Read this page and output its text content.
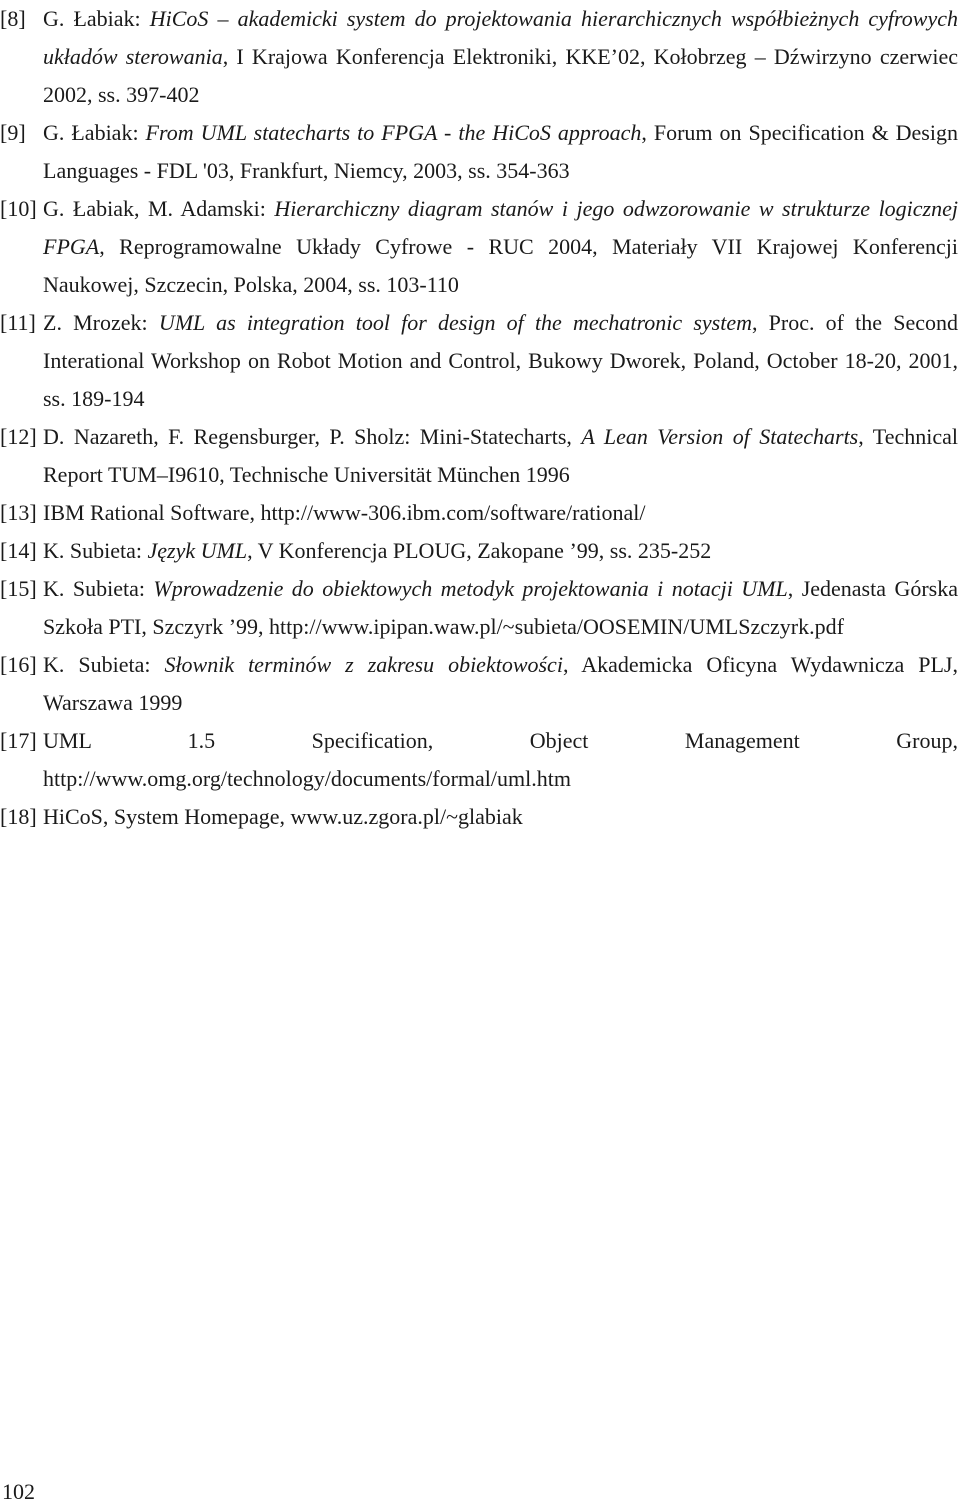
[8] G. Łabiak: HiCoS – akademicki system do projektowania hierarchicznych współbieżnych cyfrowych układów sterowania, I Krajowa Konferencja Elektroniki, KKE’02, Kołobrzeg – Dźwirzyno czerwiec 2002, ss. 397-402
[9] G. Łabiak: From UML statecharts to FPGA - the HiCoS approach, Forum on Specification & Design Languages - FDL '03, Frankfurt, Niemcy, 2003, ss. 354-363
[10] G. Łabiak, M. Adamski: Hierarchiczny diagram stanów i jego odwzorowanie w strukturze logicznej FPGA, Reprogramowalne Układy Cyfrowe - RUC 2004, Materiały VII Krajowej Konferencji Naukowej, Szczecin, Polska, 2004, ss. 103-110
[11] Z. Mrozek: UML as integration tool for design of the mechatronic system, Proc. of the Second Interational Workshop on Robot Motion and Control, Bukowy Dworek, Poland, October 18-20, 2001, ss. 189-194
[12] D. Nazareth, F. Regensburger, P. Sholz: Mini-Statecharts, A Lean Version of Statecharts, Technical Report TUM–I9610, Technische Universität München 1996
[13] IBM Rational Software, http://www-306.ibm.com/software/rational/
[14] K. Subieta: Język UML, V Konferencja PLOUG, Zakopane ’99, ss. 235-252
[15] K. Subieta: Wprowadzenie do obiektowych metodyk projektowania i notacji UML, Jedenasta Górska Szkoła PTI, Szczyrk ’99, http://www.ipipan.waw.pl/~subieta/OOSEMIN/UMLSzczyrk.pdf
[16] K. Subieta: Słownik terminów z zakresu obiektowości, Akademicka Oficyna Wydawnicza PLJ, Warszawa 1999
[17] UML 1.5 Specification, Object Management Group, http://www.omg.org/technology/documents/formal/uml.htm
[18] HiCoS, System Homepage, www.uz.zgora.pl/~glabiak
102
